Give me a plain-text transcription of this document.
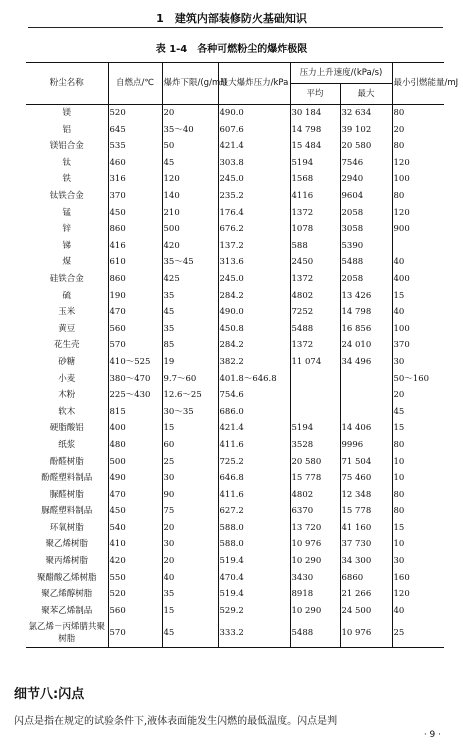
1　建筑内部装修防火基础知识
表 1-4　各种可燃粉尘的爆炸极限
粉尘名称	自燃点/℃	爆炸下限/(g/m³)	最大爆炸压力/kPa	压力上升速度/(kPa/s)		最小引燃能量/mJ
				平均	最大	
镁	520	20	490.0	30 184	32 634	80
铝	645	35～40	607.6	14 798	39 102	20
镁铝合金	535	50	421.4	15 484	20 580	80
钛	460	45	303.8	5194	7546	120
铁	316	120	245.0	1568	2940	100
钛铁合金	370	140	235.2	4116	9604	80
锰	450	210	176.4	1372	2058	120
锌	860	500	676.2	1078	3058	900
锑	416	420	137.2	588	5390	
煤	610	35～45	313.6	2450	5488	40
硅铁合金	860	425	245.0	1372	2058	400
硫	190	35	284.2	4802	13 426	15
玉米	470	45	490.0	7252	14 798	40
黄豆	560	35	450.8	5488	16 856	100
花生壳	570	85	284.2	1372	24 010	370
砂糖	410～525	19	382.2	11 074	34 496	30
小麦	380～470	9.7～60	401.8～646.8			50～160
木粉	225～430	12.6～25	754.6			20
软木	815	30～35	686.0			45
硬脂酸铝	400	15	421.4	5194	14 406	15
纸浆	480	60	411.6	3528	9996	80
酚醛树脂	500	25	725.2	20 580	71 504	10
酚醛塑料制品	490	30	646.8	15 778	75 460	10
脲醛树脂	470	90	411.6	4802	12 348	80
脲醛塑料制品	450	75	627.2	6370	15 778	80
环氧树脂	540	20	588.0	13 720	41 160	15
聚乙烯树脂	410	30	588.0	10 976	37 730	10
聚丙烯树脂	420	20	519.4	10 290	34 300	30
聚醋酸乙烯树脂	550	40	470.4	3430	6860	160
聚乙烯醇树脂	520	35	519.4	8918	21 266	120
聚苯乙烯制品	560	15	529.2	10 290	24 500	40
氯乙烯－丙烯腈共聚树脂	570	45	333.2	5488	10 976	25
细节八:闪点
闪点是指在规定的试验条件下,液体表面能发生闪燃的最低温度。闪点是判
· 9 ·
